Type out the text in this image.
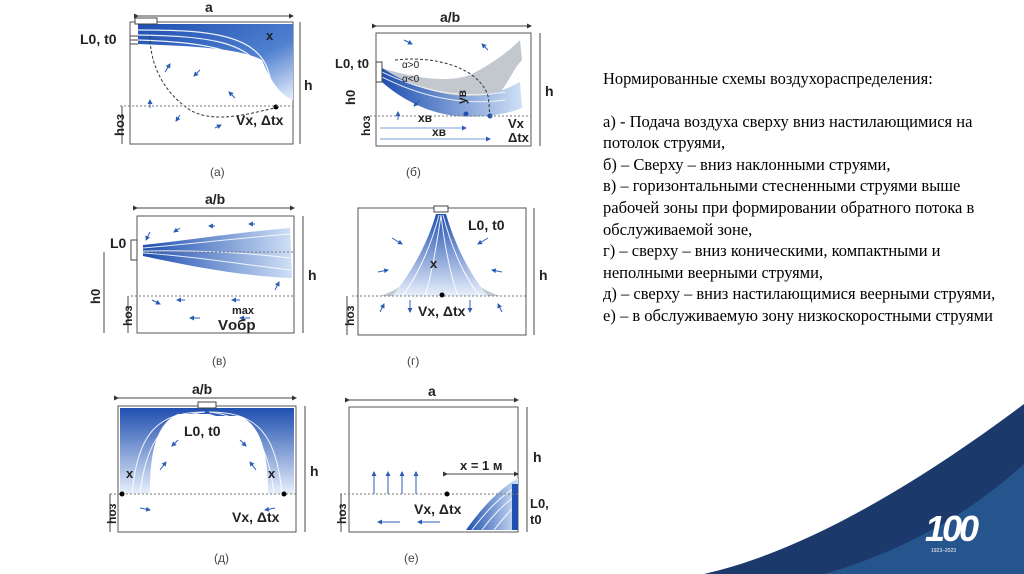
a
L0, t0	x
h
hоз	Vx, Δtx
(а)
a/b
L0, t0	α>0
α<0
xв
yв
xв
h
h0
hоз	Vx
Δtx
(б)
a/b
L0
h
h0
hоз	Vобр
max
(в)
L0, t0
x
h
hоз	Vx, Δtx
(г)
a/b
L0, t0
x	x h
hоз	Vx, Δtx
(д)
a
h
x = 1 м
Vx, Δtx
hоз
L0,
t0
(е)

Нормированные схемы воздухораспределения:

а) - Подача воздуха сверху вниз настилающимися на потолок струями,

б) – Сверху – вниз наклонными струями,

в) – горизонтальными стесненными струями выше рабочей зоны при формировании обратного потока в обслуживаемой зоне,

г) – сверху – вниз коническими, компактными и неполными веерными струями,

д) – сверху – вниз настилающимися веерными струями,

е) – в обслуживаемую зону низкоскоростными струями

100
1923–2023
